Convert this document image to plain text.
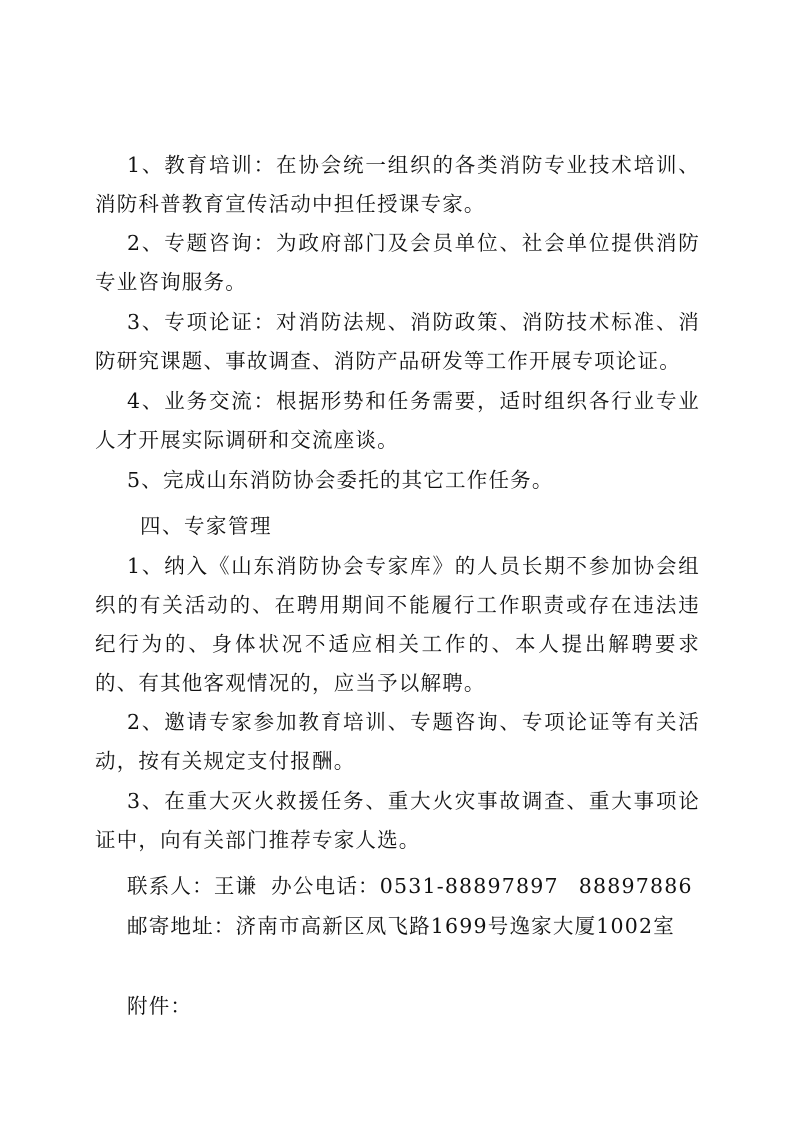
1、教育培训：在协会统一组织的各类消防专业技术培训、消防科普教育宣传活动中担任授课专家。

2、专题咨询：为政府部门及会员单位、社会单位提供消防专业咨询服务。

3、专项论证：对消防法规、消防政策、消防技术标准、消防研究课题、事故调查、消防产品研发等工作开展专项论证。

4、业务交流：根据形势和任务需要，适时组织各行业专业人才开展实际调研和交流座谈。

5、完成山东消防协会委托的其它工作任务。

四、专家管理

1、纳入《山东消防协会专家库》的人员长期不参加协会组织的有关活动的、在聘用期间不能履行工作职责或存在违法违纪行为的、身体状况不适应相关工作的、本人提出解聘要求的、有其他客观情况的，应当予以解聘。

2、邀请专家参加教育培训、专题咨询、专项论证等有关活动，按有关规定支付报酬。

3、在重大灭火救援任务、重大火灾事故调查、重大事项论证中，向有关部门推荐专家人选。

联系人：王谦 办公电话：0531-88897897 88897886

邮寄地址：济南市高新区凤飞路1699号逸家大厦1002室

附件：
